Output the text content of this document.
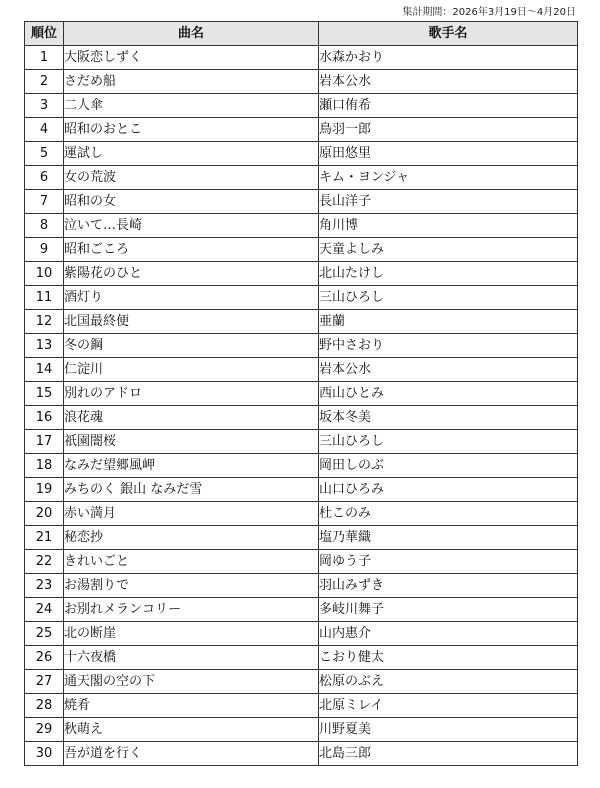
集計期間：2026年3月19日～4月20日
順位	曲名	歌手名
1	大阪恋しずく	水森かおり
2	さだめ船	岩本公水
3	二人傘	瀬口侑希
4	昭和のおとこ	鳥羽一郎
5	運試し	原田悠里
6	女の荒波	キム・ヨンジャ
7	昭和の女	長山洋子
8	泣いて…長崎	角川博
9	昭和ごころ	天童よしみ
10	紫陽花のひと	北山たけし
11	酒灯り	三山ひろし
12	北国最終便	亜蘭
13	冬の鋼	野中さおり
14	仁淀川	岩本公水
15	別れのアドロ	西山ひとみ
16	浪花魂	坂本冬美
17	祇園闇桜	三山ひろし
18	なみだ望郷風岬	岡田しのぶ
19	みちのく 銀山 なみだ雪	山口ひろみ
20	赤い満月	杜このみ
21	秘恋抄	塩乃華織
22	きれいごと	岡ゆう子
23	お湯割りで	羽山みずき
24	お別れメランコリー	多岐川舞子
25	北の断崖	山内惠介
26	十六夜橋	こおり健太
27	通天閣の空の下	松原のぶえ
28	焼肴	北原ミレイ
29	秋萌え	川野夏美
30	吾が道を行く	北島三郎
